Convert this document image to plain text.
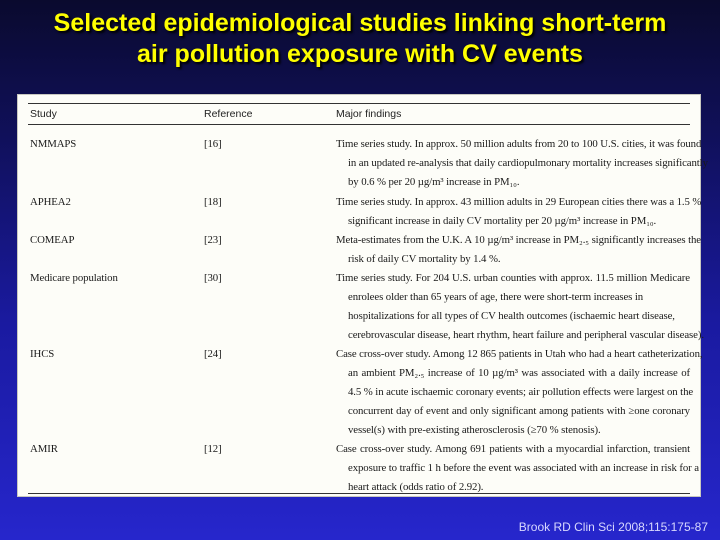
Selected epidemiological studies linking short-term
air pollution exposure with CV events
Study	Reference	Major findings
NMMAPS	[16]	Time series study. In approx. 50 million adults from 20 to 100 U.S. cities, it was found
in an updated re-analysis that daily cardiopulmonary mortality increases significantly
by 0.6 % per 20 µg/m³ increase in PM₁₀.
APHEA2	[18]	Time series study. In approx. 43 million adults in 29 European cities there was a 1.5 %
significant increase in daily CV mortality per 20 µg/m³ increase in PM₁₀.
COMEAP	[23]	Meta-estimates from the U.K. A 10 µg/m³ increase in PM₂.₅ significantly increases the
risk of daily CV mortality by 1.4 %.
Medicare population	[30]	Time series study. For 204 U.S. urban counties with approx. 11.5 million Medicare
enrolees older than 65 years of age, there were short-term increases in
hospitalizations for all types of CV health outcomes (ischaemic heart disease,
cerebrovascular disease, heart rhythm, heart failure and peripheral vascular disease).
IHCS	[24]	Case cross-over study. Among 12 865 patients in Utah who had a heart catheterization,
an ambient PM₂.₅ increase of 10 µg/m³ was associated with a daily increase of
4.5 % in acute ischaemic coronary events; air pollution effects were largest on the
concurrent day of event and only significant among patients with ≥one coronary
vessel(s) with pre-existing atherosclerosis (≥70 % stenosis).
AMIR	[12]	Case cross-over study. Among 691 patients with a myocardial infarction, transient
exposure to traffic 1 h before the event was associated with an increase in risk for a
heart attack (odds ratio of 2.92).
Brook RD Clin Sci 2008;115:175-87
